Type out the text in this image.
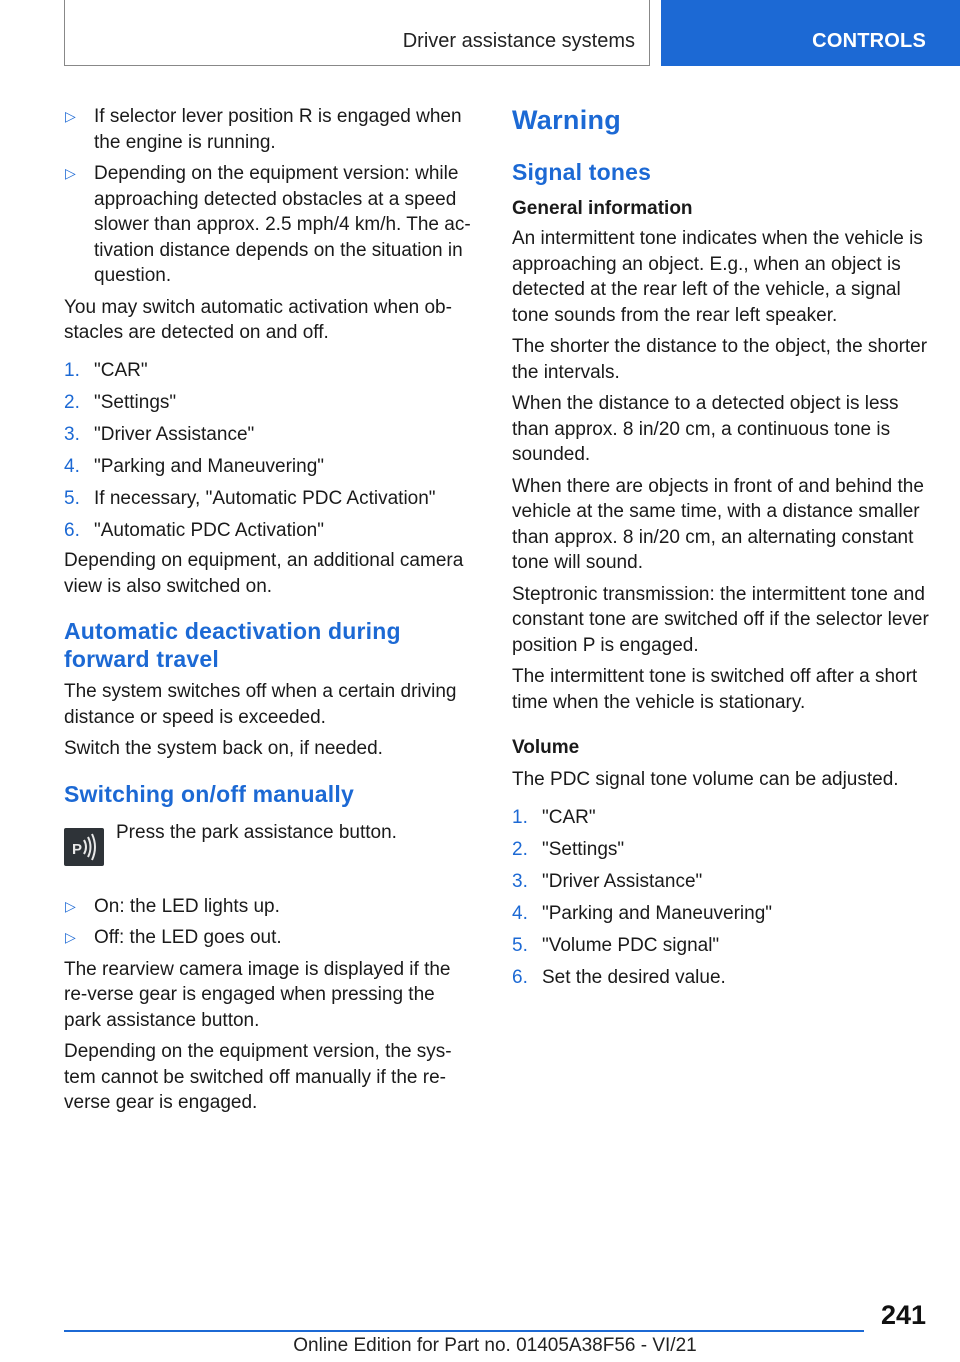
Driver assistance systems	CONTROLS
▷ If selector lever position R is engaged when the engine is running.
▷ Depending on the equipment version: while approaching detected obstacles at a speed slower than approx. 2.5 mph/4 km/h. The ac-tivation distance depends on the situation in question.
You may switch automatic activation when ob-stacles are detected on and off.
1. "CAR"
2. "Settings"
3. "Driver Assistance"
4. "Parking and Maneuvering"
5. If necessary, "Automatic PDC Activation"
6. "Automatic PDC Activation"
Depending on equipment, an additional camera view is also switched on.
Automatic deactivation during forward travel
The system switches off when a certain driving distance or speed is exceeded.
Switch the system back on, if needed.
Switching on/off manually
P
Press the park assistance button.
▷ On: the LED lights up.
▷ Off: the LED goes out.
The rearview camera image is displayed if the re-verse gear is engaged when pressing the park assistance button.
Depending on the equipment version, the sys-tem cannot be switched off manually if the re-verse gear is engaged.
Warning
Signal tones
General information
An intermittent tone indicates when the vehicle is approaching an object. E.g., when an object is detected at the rear left of the vehicle, a signal tone sounds from the rear left speaker.
The shorter the distance to the object, the shorter the intervals.
When the distance to a detected object is less than approx. 8 in/20 cm, a continuous tone is sounded.
When there are objects in front of and behind the vehicle at the same time, with a distance smaller than approx. 8 in/20 cm, an alternating constant tone will sound.
Steptronic transmission: the intermittent tone and constant tone are switched off if the selector lever position P is engaged.
The intermittent tone is switched off after a short time when the vehicle is stationary.
Volume
The PDC signal tone volume can be adjusted.
1. "CAR"
2. "Settings"
3. "Driver Assistance"
4. "Parking and Maneuvering"
5. "Volume PDC signal"
6. Set the desired value.
241
Online Edition for Part no. 01405A38F56 - VI/21
